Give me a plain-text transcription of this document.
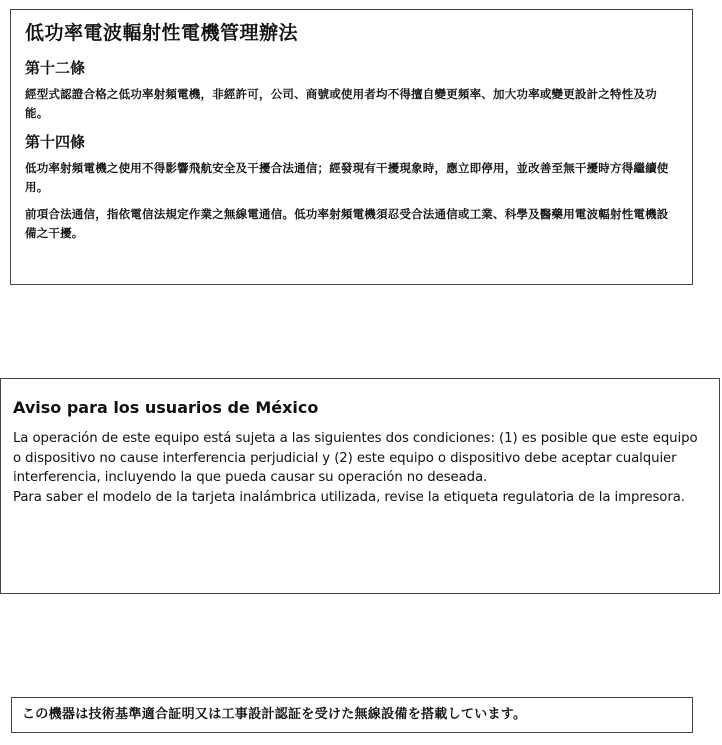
低功率電波輻射性電機管理辦法
第十二條

經型式認證合格之低功率射頻電機，非經許可，公司、商號或使用者均不得擅自變更頻率、加大功率或變更設計之特性及功能。

第十四條

低功率射頻電機之使用不得影響飛航安全及干擾合法通信；經發現有干擾現象時，應立即停用，並改善至無干擾時方得繼續使用。

前項合法通信，指依電信法規定作業之無線電通信。低功率射頻電機須忍受合法通信或工業、科學及醫藥用電波輻射性電機設備之干擾。

Aviso para los usuarios de México

La operación de este equipo está sujeta a las siguientes dos condiciones: (1) es posible que este equipo o dispositivo no cause interferencia perjudicial y (2) este equipo o dispositivo debe aceptar cualquier interferencia, incluyendo la que pueda causar su operación no deseada.

Para saber el modelo de la tarjeta inalámbrica utilizada, revise la etiqueta regulatoria de la impresora.

この機器は技術基準適合証明又は工事設計認証を受けた無線設備を搭載しています。
